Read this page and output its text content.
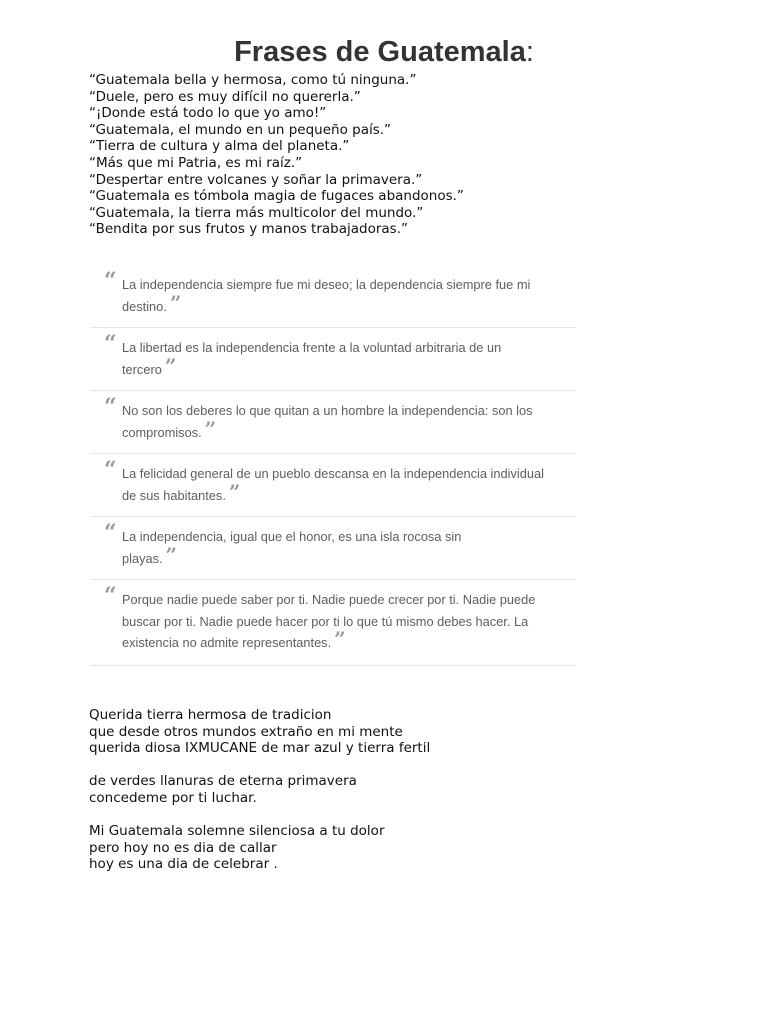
Frases de Guatemala:
“Guatemala bella y hermosa, como tú ninguna.”
“Duele, pero es muy difícil no quererla.”
“¡Donde está todo lo que yo amo!”
“Guatemala, el mundo en un pequeño país.”
“Tierra de cultura y alma del planeta.”
“Más que mi Patria, es mi raíz.”
“Despertar entre volcanes y soñar la primavera.”
“Guatemala es tómbola magia de fugaces abandonos.”
“Guatemala, la tierra más multicolor del mundo.”
“Bendita por sus frutos y manos trabajadoras.”
“ La independencia siempre fue mi deseo; la dependencia siempre fue mi
destino. ”
“ La libertad es la independencia frente a la voluntad arbitraria de un
tercero ”
“ No son los deberes lo que quitan a un hombre la independencia: son los
compromisos. ”
“ La felicidad general de un pueblo descansa en la independencia individual
de sus habitantes. ”
“ La independencia, igual que el honor, es una isla rocosa sin
playas. ”
“ Porque nadie puede saber por ti. Nadie puede crecer por ti. Nadie puede
buscar por ti. Nadie puede hacer por ti lo que tú mismo debes hacer. La
existencia no admite representantes. ”
Querida tierra hermosa de tradicion
que desde otros mundos extraño en mi mente
querida diosa IXMUCANE de mar azul y tierra fertil
de verdes llanuras de eterna primavera
concedeme por ti luchar.
Mi Guatemala solemne silenciosa a tu dolor
pero hoy no es dia de callar
hoy es una dia de celebrar .
